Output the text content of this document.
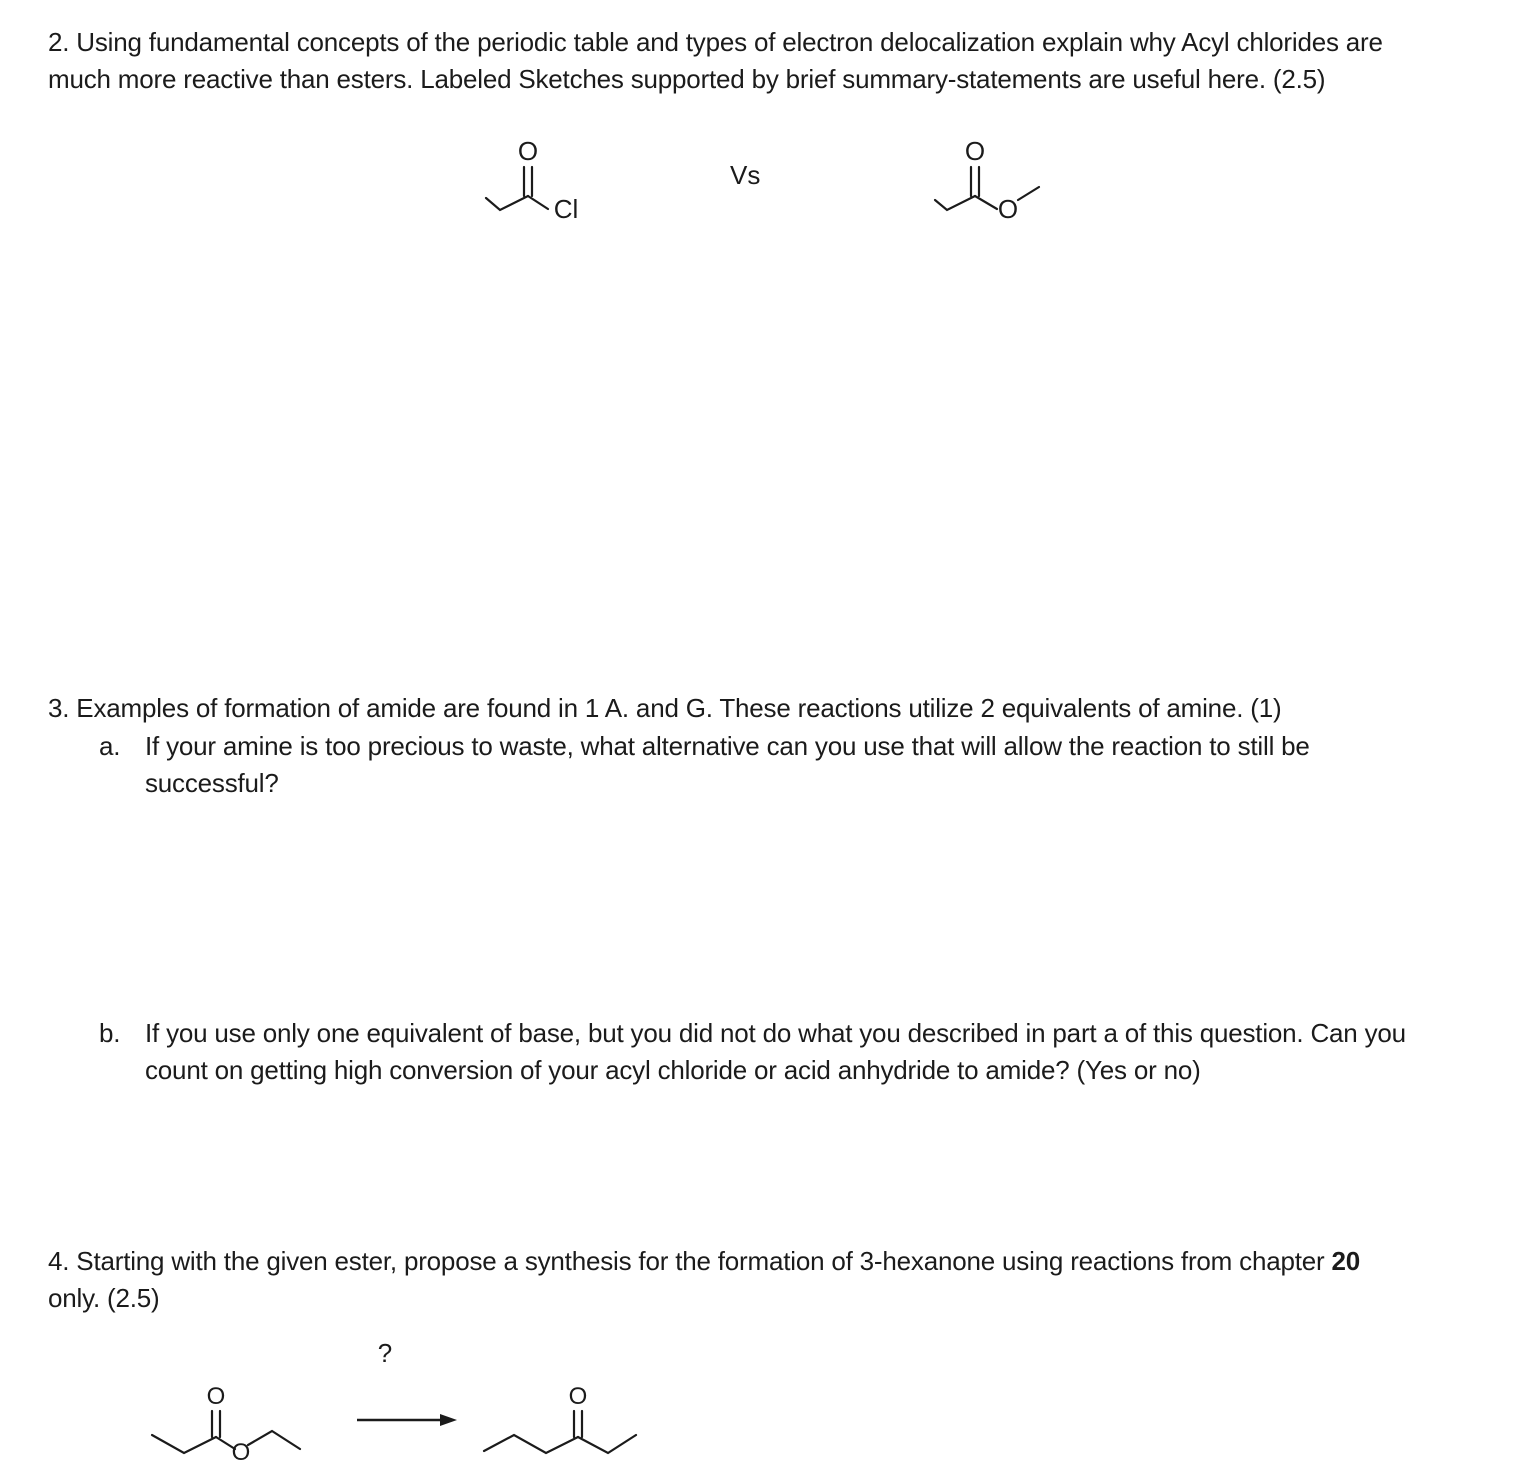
2. Using fundamental concepts of the periodic table and types of electron delocalization explain why Acyl chlorides are
much more reactive than esters. Labeled Sketches supported by brief summary-statements are useful here. (2.5)
O
Cl
Vs
O
O
3. Examples of formation of amide are found in 1 A. and G. These reactions utilize 2 equivalents of amine. (1)
a. If your amine is too precious to waste, what alternative can you use that will allow the reaction to still be
successful?
b. If you use only one equivalent of base, but you did not do what you described in part a of this question. Can you
count on getting high conversion of your acyl chloride or acid anhydride to amide? (Yes or no)
4. Starting with the given ester, propose a synthesis for the formation of 3-hexanone using reactions from chapter 20
only. (2.5)
O
O
?
O
